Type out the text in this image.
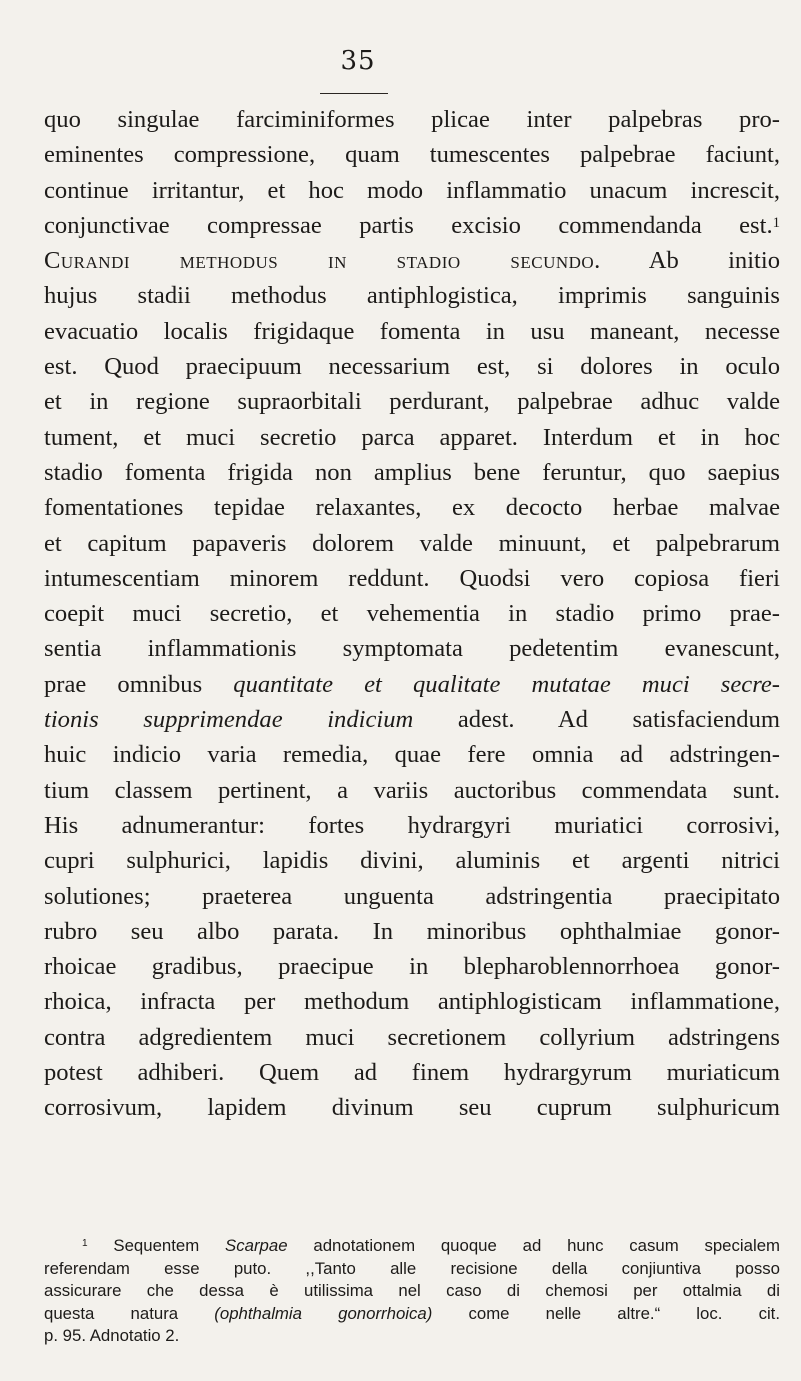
35
quo singulae farciminiformes plicae inter palpebras pro-
eminentes compressione, quam tumescentes palpebrae faciunt,
continue irritantur, et hoc modo inflammatio unacum increscit,
conjunctivae compressae partis excisio commendanda est.$^1$
Curandi methodus in stadio secundo. Ab initio
hujus stadii methodus antiphlogistica, imprimis sanguinis
evacuatio localis frigidaque fomenta in usu maneant, necesse
est. Quod praecipuum necessarium est, si dolores in oculo
et in regione supraorbitali perdurant, palpebrae adhuc valde
tument, et muci secretio parca apparet. Interdum et in hoc
stadio fomenta frigida non amplius bene feruntur, quo saepius
fomentationes tepidae relaxantes, ex decocto herbae malvae
et capitum papaveris dolorem valde minuunt, et palpebrarum
intumescentiam minorem reddunt. Quodsi vero copiosa fieri
coepit muci secretio, et vehementia in stadio primo prae-
sentia inflammationis symptomata pedetentim evanescunt,
prae omnibus quantitate et qualitate mutatae muci secre-
tionis supprimendae indicium adest. Ad satisfaciendum
huic indicio varia remedia, quae fere omnia ad adstringen-
tium classem pertinent, a variis auctoribus commendata sunt.
His adnumerantur: fortes hydrargyri muriatici corrosivi,
cupri sulphurici, lapidis divini, aluminis et argenti nitrici
solutiones; praeterea unguenta adstringentia praecipitato
rubro seu albo parata. In minoribus ophthalmiae gonor-
rhoicae gradibus, praecipue in blepharoblennorrhoea gonor-
rhoica, infracta per methodum antiphlogisticam inflammatione,
contra adgredientem muci secretionem collyrium adstringens
potest adhiberi. Quem ad finem hydrargyrum muriaticum
corrosivum, lapidem divinum seu cuprum sulphuricum
$^1$ Sequentem Scarpae adnotationem quoque ad hunc casum specialem
referendam esse puto. ,,Tanto alle recisione della conjiuntiva posso
assicurare che dessa è utilissima nel caso di chemosi per ottalmia di
questa natura (ophthalmia gonorrhoica) come nelle altre.“ loc. cit.
p. 95. Adnotatio 2.
